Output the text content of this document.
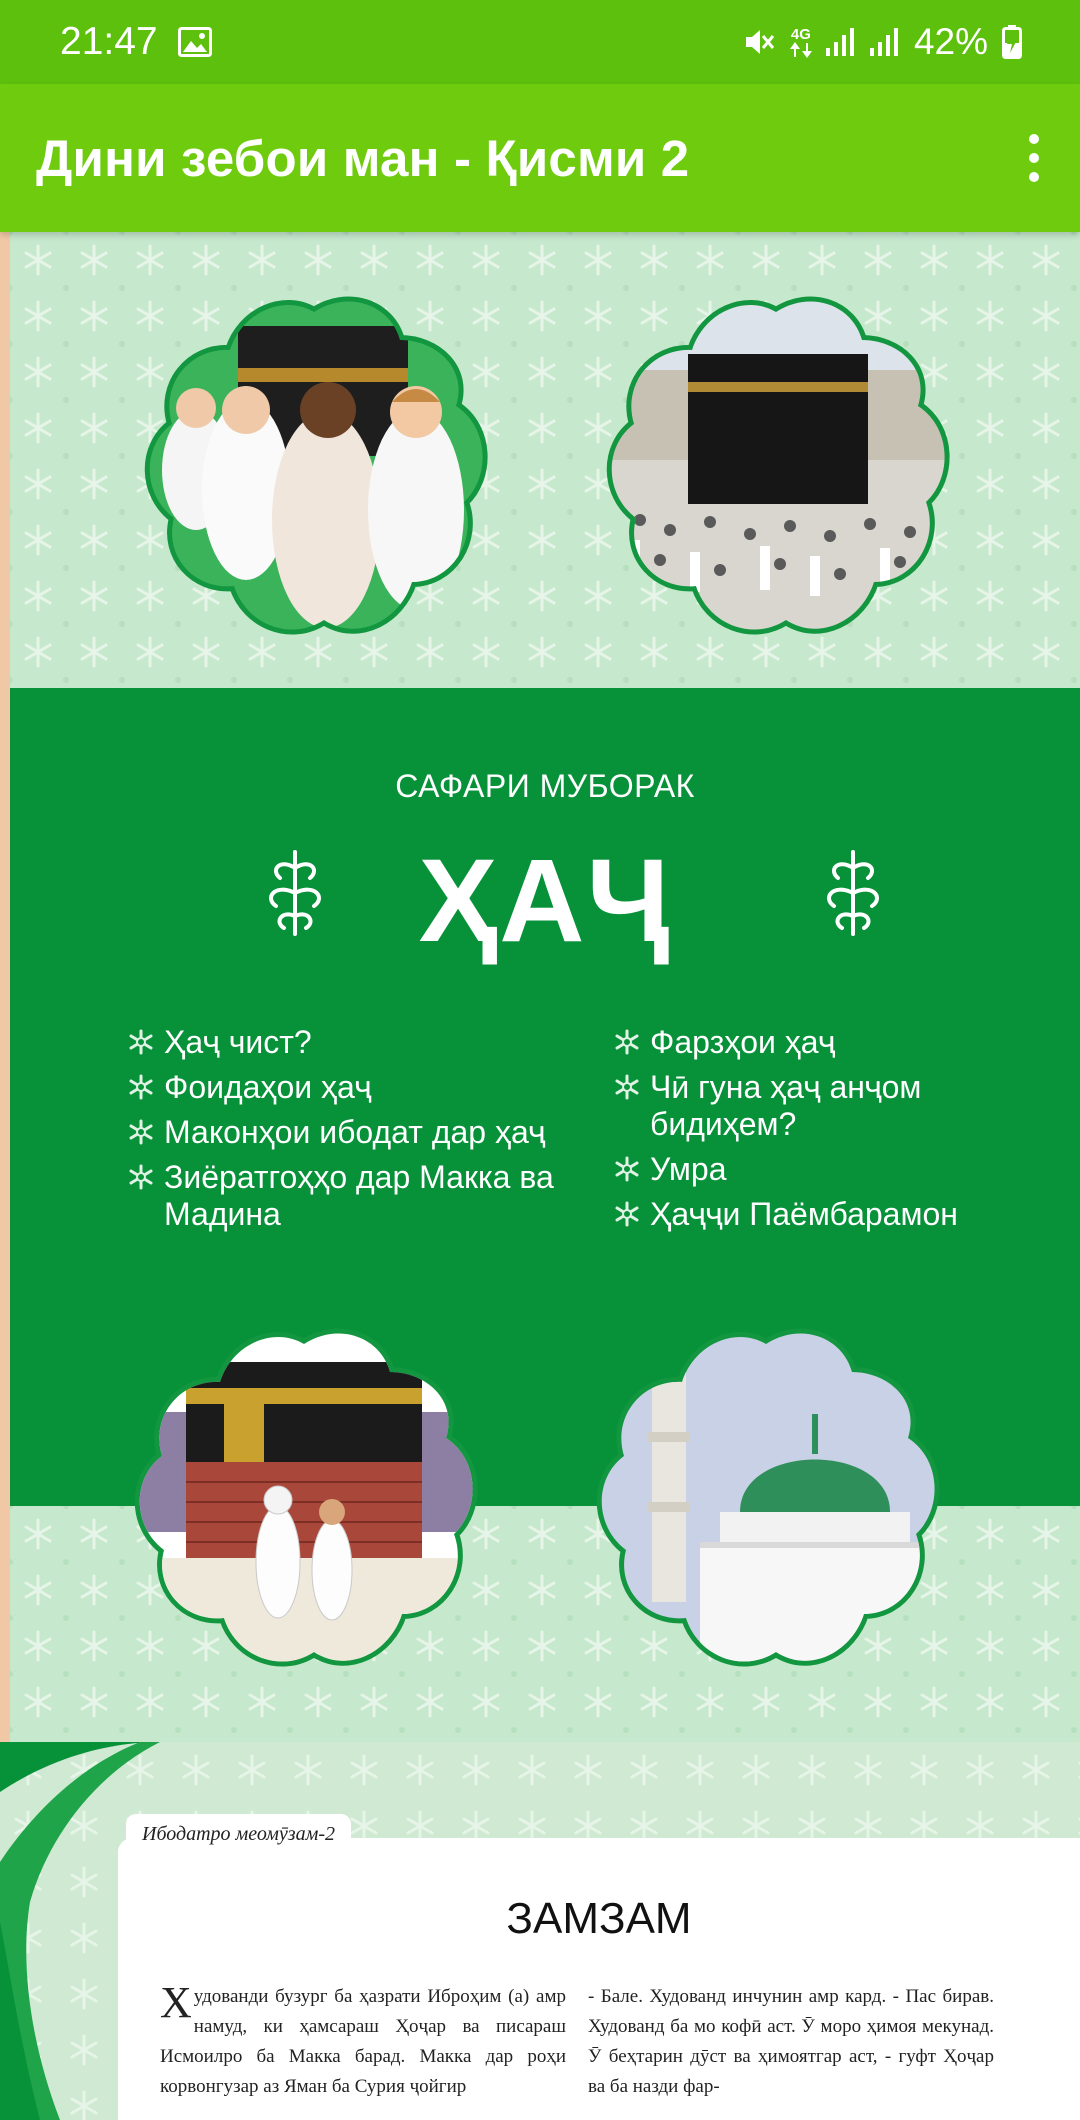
21:47	4G	42%
Дини зебои ман - Қисми 2
САФАРИ МУБОРАК
ҲАҶ
Ҳаҷ чист?
Фоидаҳои ҳаҷ
Маконҳои ибодат дар ҳаҷ
Зиёратгоҳҳо дар Макка ва Мадина
Фарзҳои ҳаҷ
Чӣ гуна ҳаҷ анҷом бидиҳем?
Умра
Ҳаҷҷи Паёмбарамон
Ибодатро меомӯзам-2
ЗАМЗАМ
Худованди бузург ба ҳазрати Иброҳим (а) амр намуд, ки ҳамсараш Ҳоҷар ва писараш Исмоилро ба Макка барад. Макка дар роҳи корвонгузар аз Яман ба Сурия ҷойгир
- Бале. Худованд инчунин амр кард. - Пас бирав. Худованд ба мо кофӣ аст. Ӯ моро ҳимоя мекунад. Ӯ беҳтарин дӯст ва ҳимоятгар аст, - гуфт Ҳоҷар ва ба назди фар-
